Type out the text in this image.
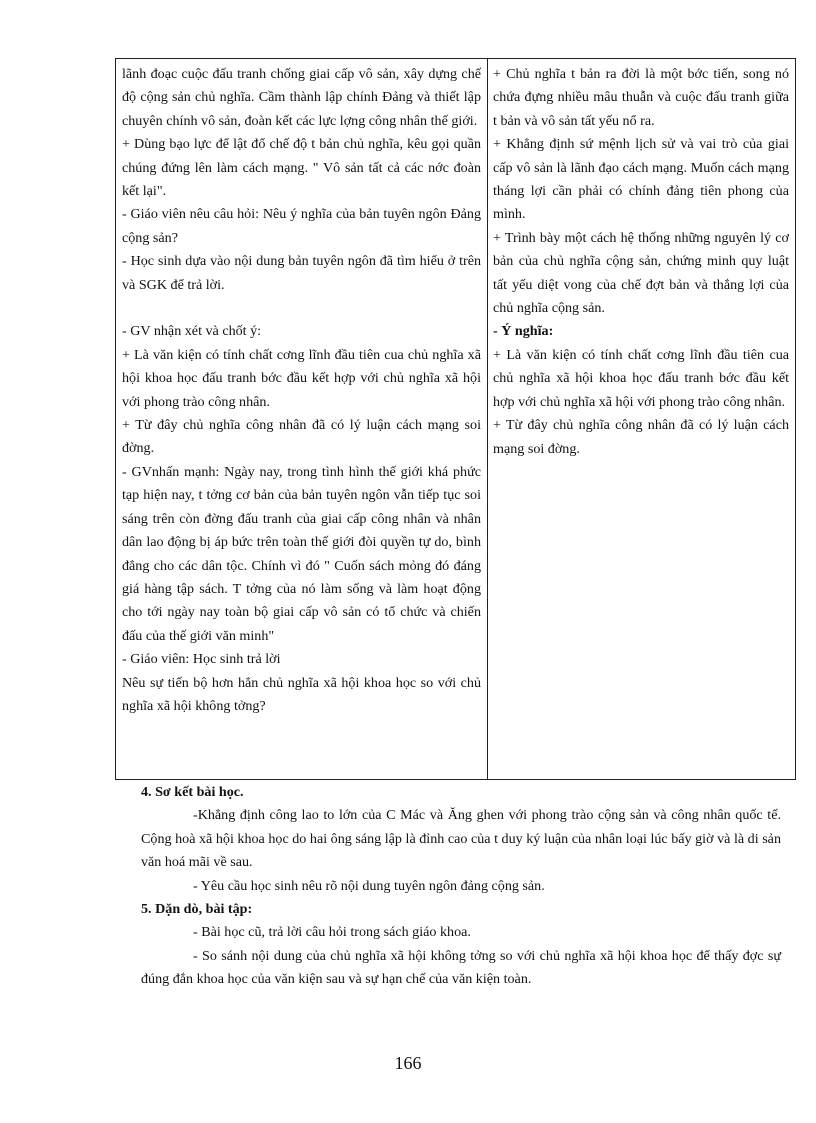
lãnh đoạc cuộc đấu tranh chống giai cấp vô sản, xây dựng chế độ cộng sản chủ nghĩa. Cầm thành lập chính Đảng và thiết lập chuyên chính vô sản, đoàn kết các lực lợng công nhân thế giới.

+ Dùng bạo lực để lật đổ chế độ t bản chủ nghĩa, kêu gọi quần chúng đứng lên làm cách mạng. " Vô sản tất cả các nớc đoàn kết lại".

- Giáo viên nêu câu hỏi: Nêu ý nghĩa của bản tuyên ngôn Đảng cộng sản?

- Học sinh dựa vào nội dung bản tuyên ngôn đã tìm hiểu ở trên và SGK để trả lời.

- GV nhận xét và chốt ý:

+ Là văn kiện có tính chất cơng lĩnh đầu tiên cua chủ nghĩa xã hội khoa học đấu tranh bớc đầu kết hợp với chủ nghĩa xã hội với phong trào công nhân.

+ Từ đây chủ nghĩa công nhân đã có lý luận cách mạng soi đờng.

- GVnhấn mạnh: Ngày nay, trong tình hình thế giới khá phức tạp hiện nay, t tởng cơ bản của bản tuyên ngôn vẫn tiếp tục soi sáng trên còn đờng đấu tranh của giai cấp công nhân và nhân dân lao động bị áp bức trên toàn thế giới đòi quyền tự do, bình đẳng cho các dân tộc. Chính vì đó " Cuốn sách mỏng đó đáng giá hàng tập sách. T tởng của nó làm sống và làm hoạt động cho tới ngày nay toàn bộ giai cấp vô sản có tổ chức và chiến đấu của thế giới văn minh"

- Giáo viên: Học sinh trả lời

Nêu sự tiến bộ hơn hẳn chủ nghĩa xã hội khoa học so với chủ nghĩa xã hội không tởng?

+ Chủ nghĩa t bản ra đời là một bớc tiến, song nó chứa đựng nhiều mâu thuẫn và cuộc đấu tranh giữa t bản và vô sản tất yếu nổ ra.

+ Khẳng định sứ mệnh lịch sử và vai trò của giai cấp vô sản là lãnh đạo cách mạng. Muốn cách mạng tháng lợi cần phải có chính đảng tiên phong của mình.

+ Trình bày một cách hệ thống những nguyên lý cơ bản của chủ nghĩa cộng sản, chứng minh quy luật tất yếu diệt vong của chế đợt bản và thắng lợi của chủ nghĩa cộng sản.

- Ý nghĩa:

+ Là văn kiện có tính chất cơng lĩnh đầu tiên cua chủ nghĩa xã hội khoa học đấu tranh bớc đầu kết hợp với chủ nghĩa xã hội với phong trào công nhân.

+ Từ đây chủ nghĩa công nhân đã có lý luận cách mạng soi đờng.

4. Sơ kết bài học.

-Khẳng định công lao to lớn của C Mác và Ăng ghen với phong trào cộng sản và công nhân quốc tế. Cộng hoà xã hội khoa học do hai ông sáng lập là đỉnh cao của t duy ký luận của nhân loại lúc bấy giờ và là di sản văn hoá mãi về sau.

- Yêu cầu học sinh nêu rõ nội dung tuyên ngôn đảng cộng sản.

5. Dặn dò, bài tập:

- Bài học cũ, trả lời câu hỏi trong sách giáo khoa.

- So sánh nội dung của chủ nghĩa xã hội không tởng so với chủ nghĩa xã hội khoa học để thấy đợc sự đúng đắn khoa học của văn kiện sau và sự hạn chế của văn kiện toàn.

166
